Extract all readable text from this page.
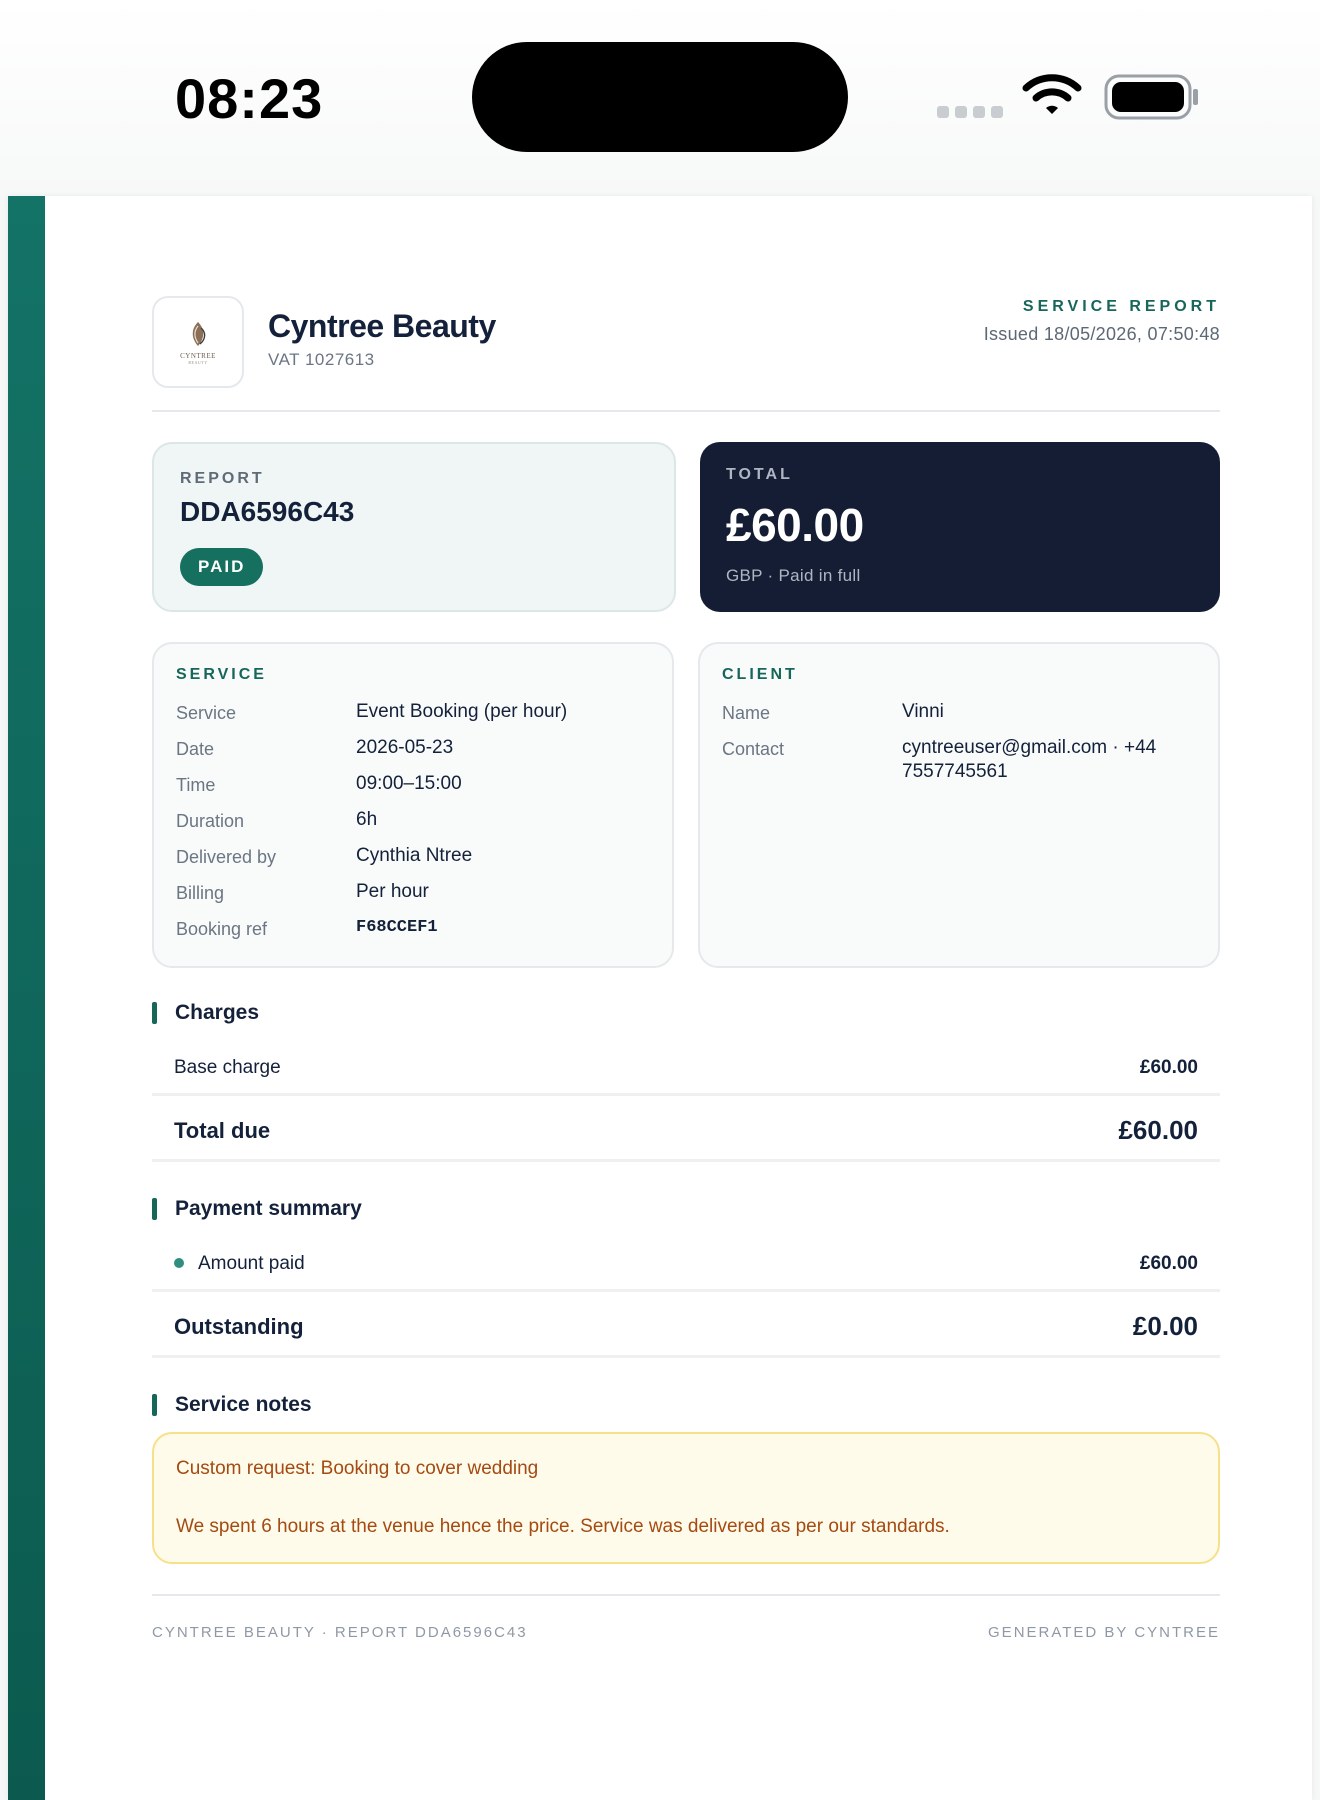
08:23
CYNTREE
BEAUTY
Cyntree Beauty
VAT 1027613
SERVICE REPORT
Issued 18/05/2026, 07:50:48
REPORT
DDA6596C43
PAID
TOTAL
£60.00
GBP · Paid in full
SERVICE
Service	Event Booking (per hour)
Date	2026-05-23
Time	09:00–15:00
Duration	6h
Delivered by	Cynthia Ntree
Billing	Per hour
Booking ref	F68CCEF1
CLIENT
Name	Vinni
Contact	cyntreeuser@gmail.com · +44 7557745561
Charges
Base charge	£60.00
Total due	£60.00
Payment summary
Amount paid	£60.00
Outstanding	£0.00
Service notes

Custom request: Booking to cover wedding

We spent 6 hours at the venue hence the price. Service was delivered as per our standards.

CYNTREE BEAUTY · REPORT DDA6596C43	GENERATED BY CYNTREE
